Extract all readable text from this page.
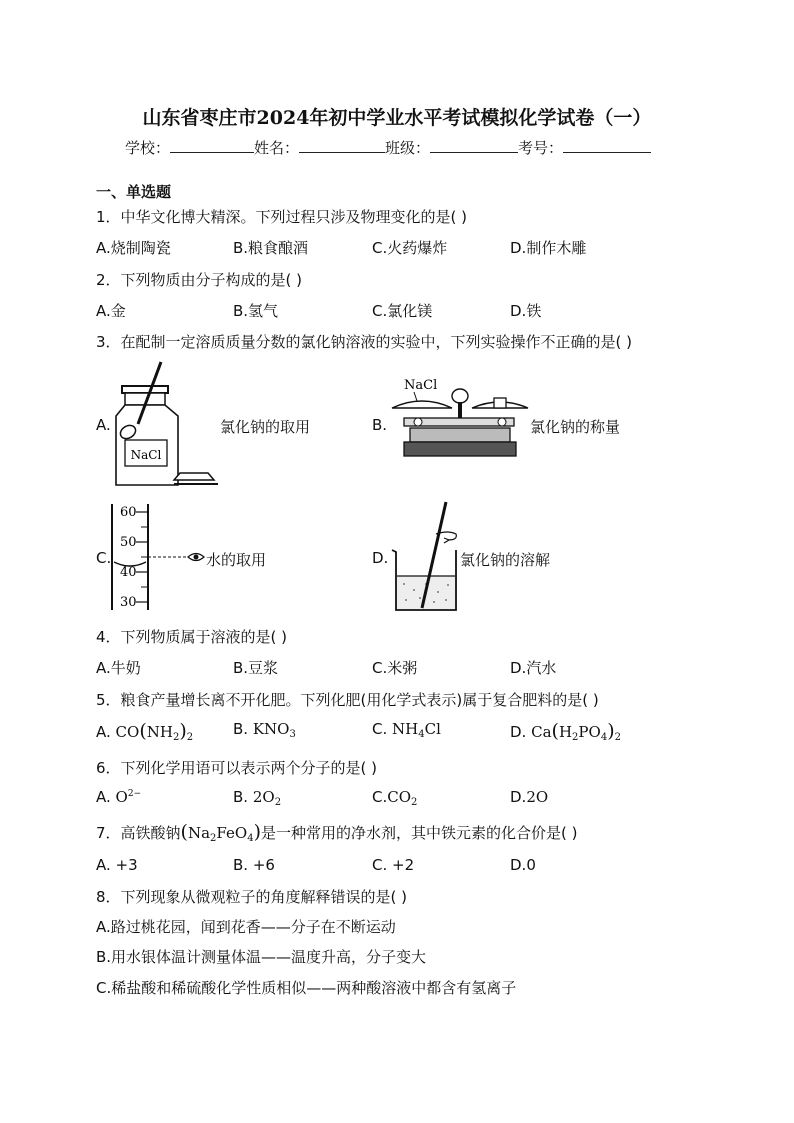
山东省枣庄市2024年初中学业水平考试模拟化学试卷（一）
学校：	姓名：	班级：	考号：
一、单选题
1．中华文化博大精深。下列过程只涉及物理变化的是( )
A.烧制陶瓷	B.粮食酿酒	C.火药爆炸	D.制作木雕
2．下列物质由分子构成的是( )
A.金	B.氢气	C.氯化镁	D.铁
3．在配制一定溶质质量分数的氯化钠溶液的实验中，下列实验操作不正确的是( )
A.
NaCl
氯化钠的取用	B.
NaCl
氯化钠的称量
C.
60
50
40
30
水的取用	D.	氯化钠的溶解
4．下列物质属于溶液的是( )
A.牛奶	B.豆浆	C.米粥	D.汽水
5．粮食产量增长离不开化肥。下列化肥(用化学式表示)属于复合肥料的是( )
A. $CO(NH_2)_2$	B. $KNO_3$	C. $NH_4Cl$	D. $Ca(H_2PO_4)_2$
6．下列化学用语可以表示两个分子的是( )
A. $O^{2-}$	B. $2O_2$	$C.CO_2$	D.2O
7．高铁酸钠$(Na_2FeO_4)$是一种常用的净水剂，其中铁元素的化合价是( )
A. +3	B. +6	C. +2	D.0
8．下列现象从微观粒子的角度解释错误的是( )
A.路过桃花园，闻到花香——分子在不断运动
B.用水银体温计测量体温——温度升高，分子变大
C.稀盐酸和稀硫酸化学性质相似——两种酸溶液中都含有氢离子
